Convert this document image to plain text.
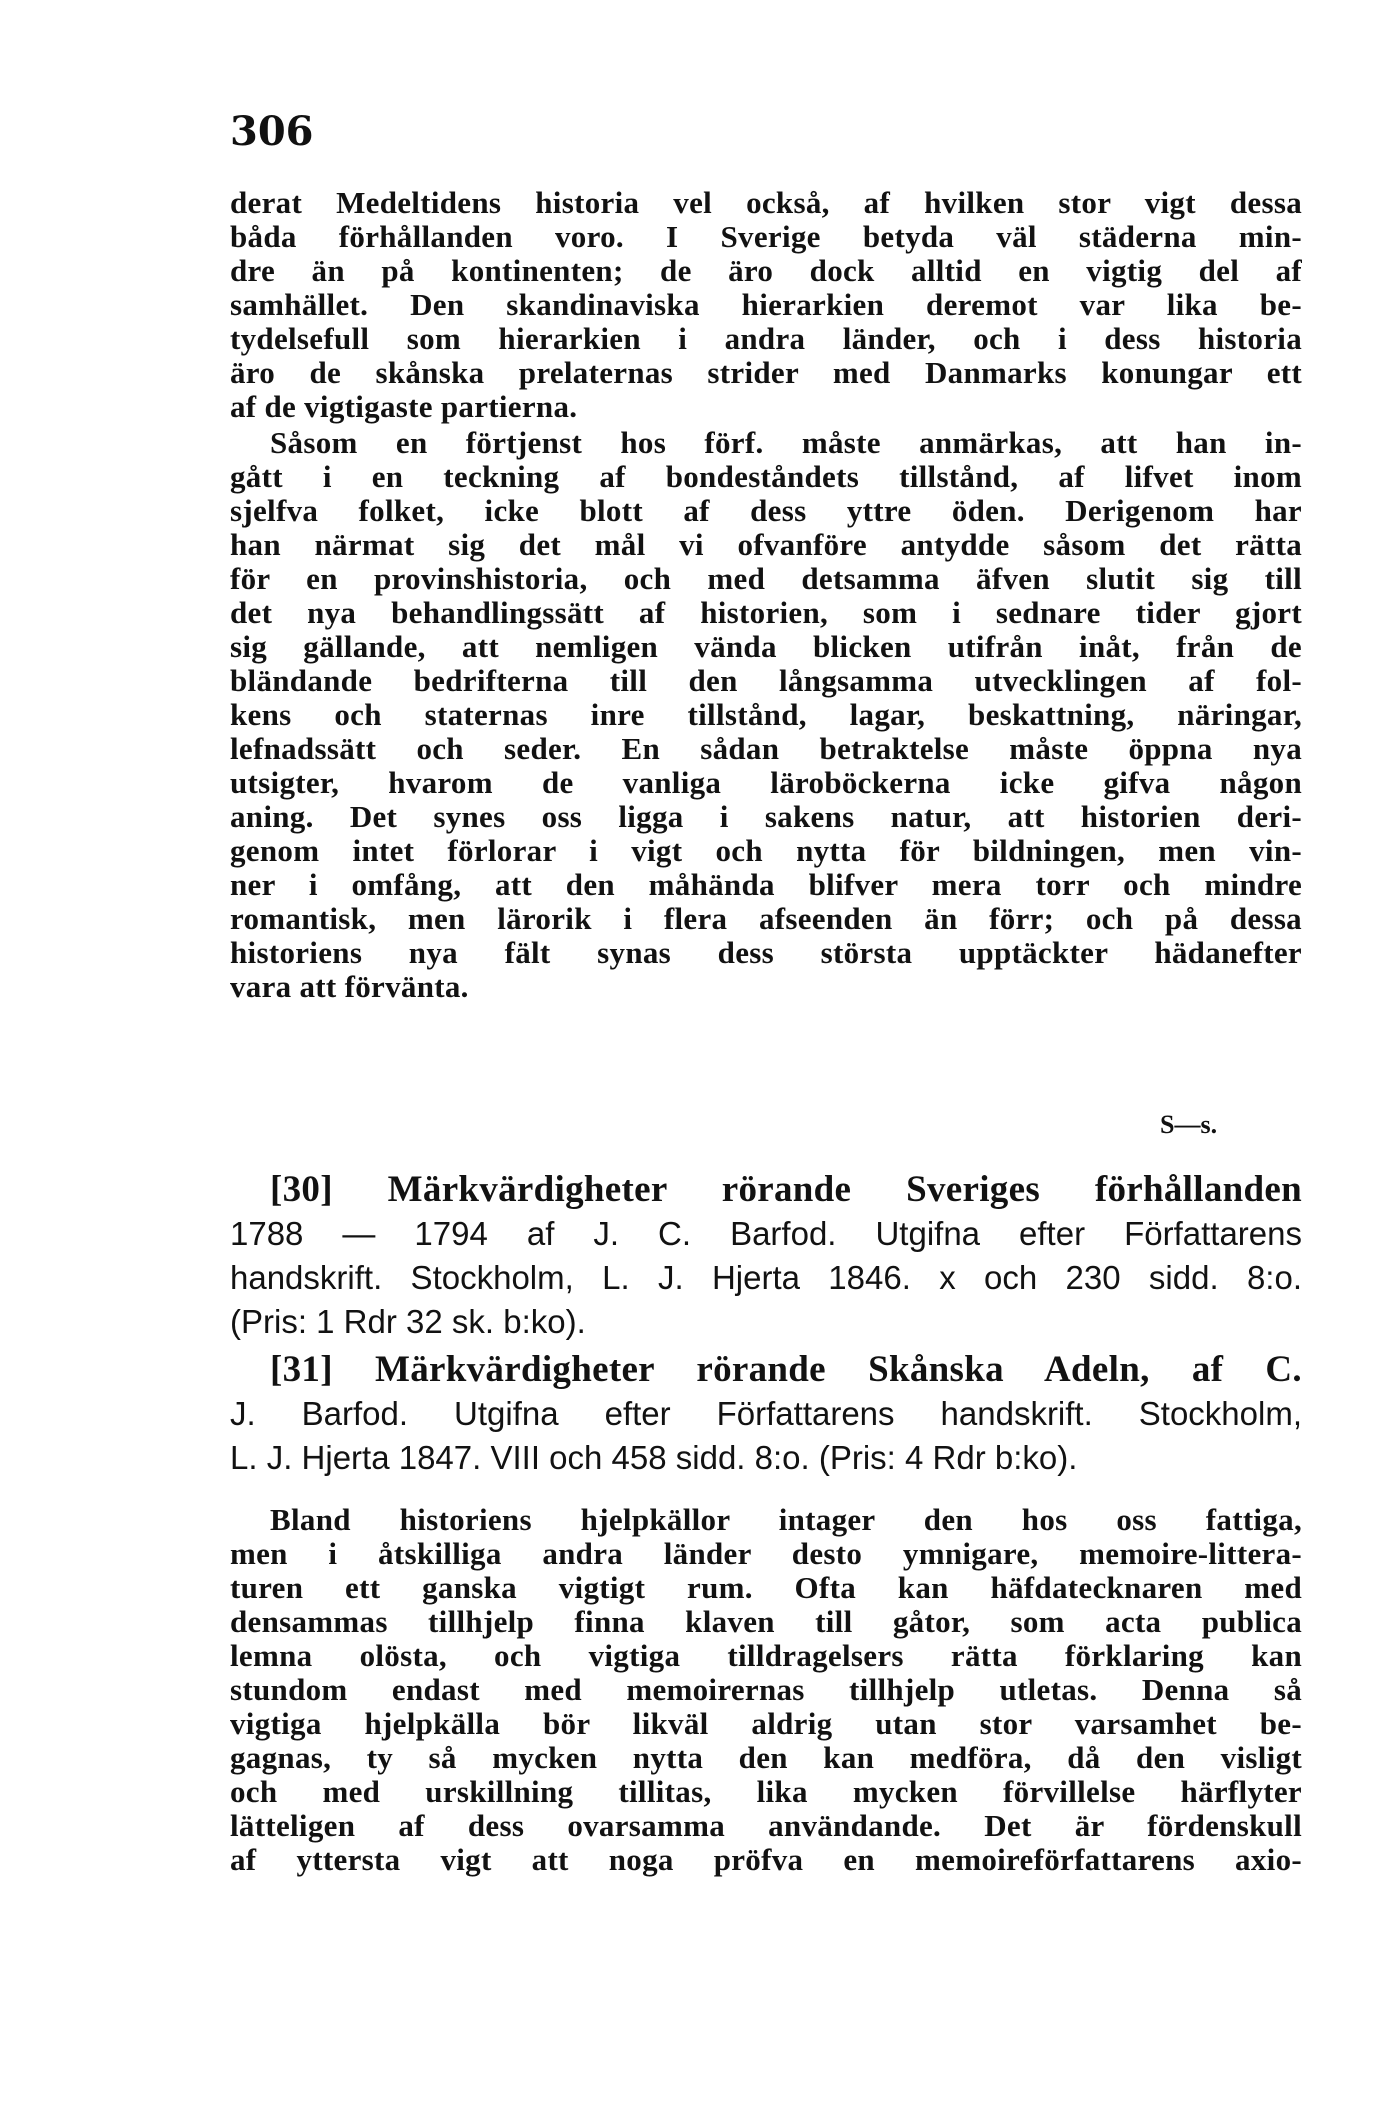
306
derat Medeltidens historia vel också, af hvilken stor vigt dessa
båda förhållanden voro. I Sverige betyda väl städerna min-
dre än på kontinenten; de äro dock alltid en vigtig del af
samhället. Den skandinaviska hierarkien deremot var lika be-
tydelsefull som hierarkien i andra länder, och i dess historia
äro de skånska prelaternas strider med Danmarks konungar ett
af de vigtigaste partierna.
Såsom en förtjenst hos förf. måste anmärkas, att han in-
gått i en teckning af bondeståndets tillstånd, af lifvet inom
sjelfva folket, icke blott af dess yttre öden. Derigenom har
han närmat sig det mål vi ofvanföre antydde såsom det rätta
för en provinshistoria, och med detsamma äfven slutit sig till
det nya behandlingssätt af historien, som i sednare tider gjort
sig gällande, att nemligen vända blicken utifrån inåt, från de
bländande bedrifterna till den långsamma utvecklingen af fol-
kens och staternas inre tillstånd, lagar, beskattning, näringar,
lefnadssätt och seder. En sådan betraktelse måste öppna nya
utsigter, hvarom de vanliga läroböckerna icke gifva någon
aning. Det synes oss ligga i sakens natur, att historien deri-
genom intet förlorar i vigt och nytta för bildningen, men vin-
ner i omfång, att den måhända blifver mera torr och mindre
romantisk, men lärorik i flera afseenden än förr; och på dessa
historiens nya fält synas dess största upptäckter hädanefter
vara att förvänta.
S—s.
[30] Märkvärdigheter rörande Sveriges förhållanden
1788 — 1794 af J. C. Barfod. Utgifna efter Författarens
handskrift. Stockholm, L. J. Hjerta 1846. x och 230 sidd. 8:o.
(Pris: 1 Rdr 32 sk. b:ko).
[31] Märkvärdigheter rörande Skånska Adeln, af C.
J. Barfod. Utgifna efter Författarens handskrift. Stockholm,
L. J. Hjerta 1847. VIII och 458 sidd. 8:o. (Pris: 4 Rdr b:ko).
Bland historiens hjelpkällor intager den hos oss fattiga,
men i åtskilliga andra länder desto ymnigare, memoire-littera-
turen ett ganska vigtigt rum. Ofta kan häfdatecknaren med
densammas tillhjelp finna klaven till gåtor, som acta publica
lemna olösta, och vigtiga tilldragelsers rätta förklaring kan
stundom endast med memoirernas tillhjelp utletas. Denna så
vigtiga hjelpkälla bör likväl aldrig utan stor varsamhet be-
gagnas, ty så mycken nytta den kan medföra, då den visligt
och med urskillning tillitas, lika mycken förvillelse härflyter
lätteligen af dess ovarsamma användande. Det är fördenskull
af yttersta vigt att noga pröfva en memoireförfattarens axio-
